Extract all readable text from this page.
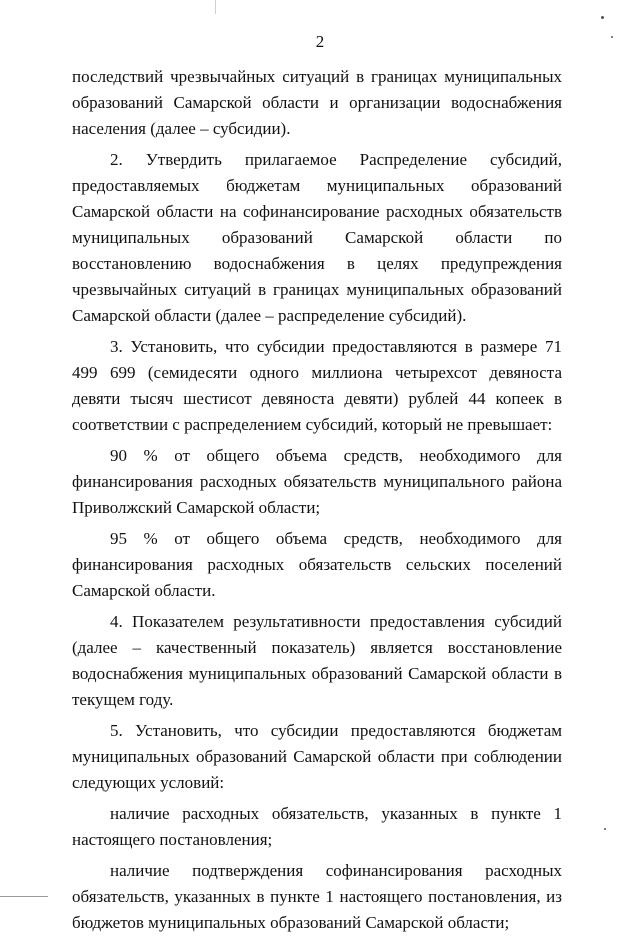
2

последствий чрезвычайных ситуаций в границах муниципальных образований Самарской области и организации водоснабжения населения (далее – субсидии).

2. Утвердить прилагаемое Распределение субсидий, предоставляемых бюджетам муниципальных образований Самарской области на софинансирование расходных обязательств муниципальных образований Самарской области по восстановлению водоснабжения в целях предупреждения чрезвычайных ситуаций в границах муниципальных образований Самарской области (далее – распределение субсидий).

3. Установить, что субсидии предоставляются в размере 71 499 699 (семидесяти одного миллиона четырехсот девяноста девяти тысяч шестисот девяноста девяти) рублей 44 копеек в соответствии с распределением субсидий, который не превышает:

90 % от общего объема средств, необходимого для финансирования расходных обязательств муниципального района Приволжский Самарской области;

95 % от общего объема средств, необходимого для финансирования расходных обязательств сельских поселений Самарской области.

4. Показателем результативности предоставления субсидий (далее – качественный показатель) является восстановление водоснабжения муниципальных образований Самарской области в текущем году.

5. Установить, что субсидии предоставляются бюджетам муниципальных образований Самарской области при соблюдении следующих условий:

наличие расходных обязательств, указанных в пункте 1 настоящего постановления;

наличие подтверждения софинансирования расходных обязательств, указанных в пункте 1 настоящего постановления, из бюджетов муниципальных образований Самарской области;
